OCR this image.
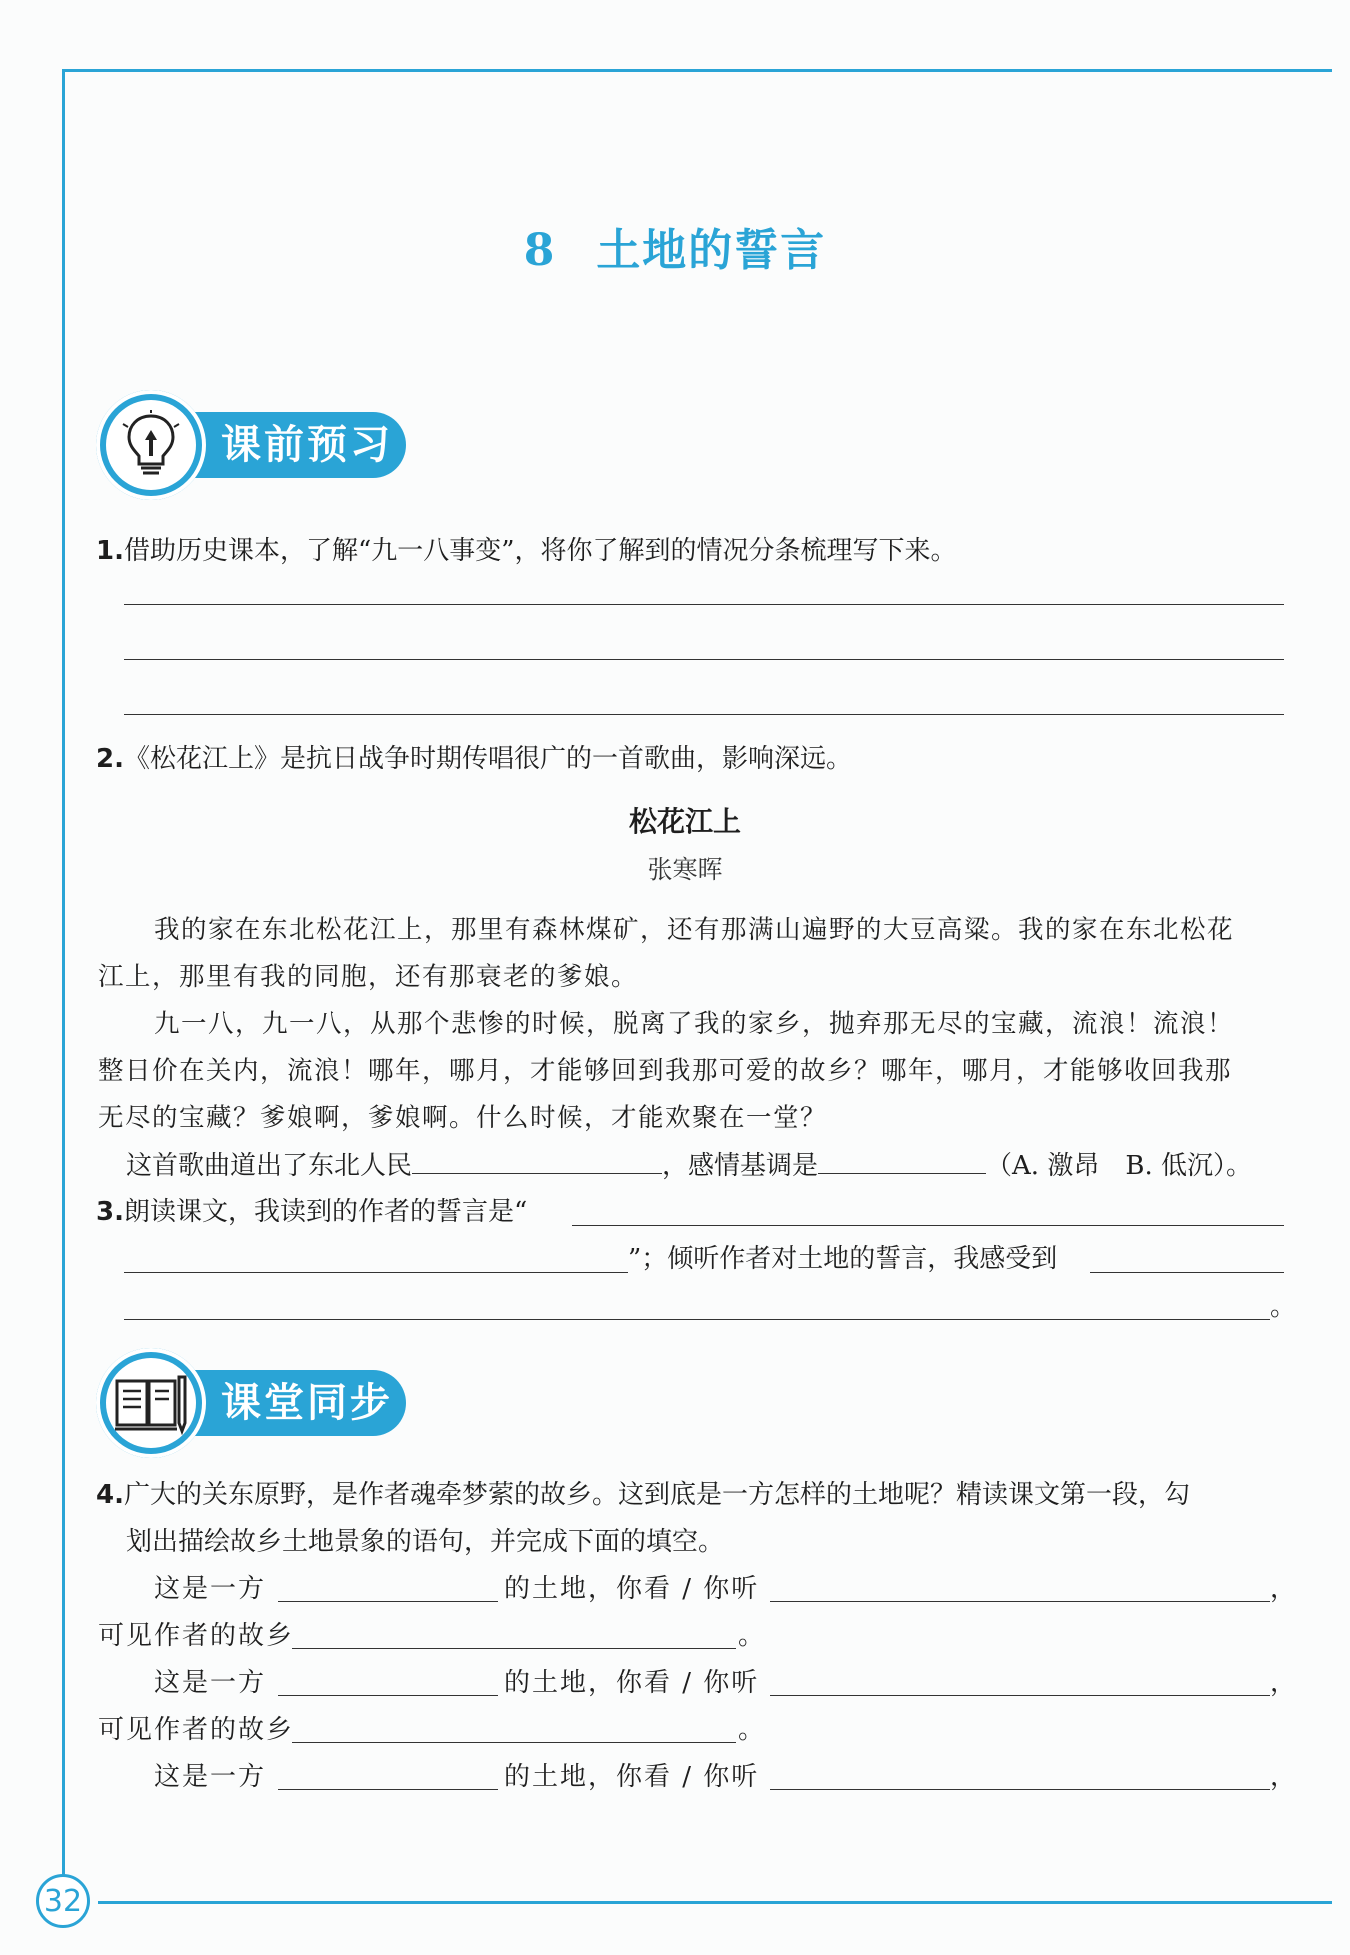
32
8 土地的誓言
课前预习
1.借助历史课本，了解“九一八事变”，将你了解到的情况分条梳理写下来。
2.《松花江上》是抗日战争时期传唱很广的一首歌曲，影响深远。
松花江上
张寒晖
我的家在东北松花江上，那里有森林煤矿，还有那满山遍野的大豆高粱。我的家在东北松花
江上，那里有我的同胞，还有那衰老的爹娘。
九一八，九一八，从那个悲惨的时候，脱离了我的家乡，抛弃那无尽的宝藏，流浪！流浪！
整日价在关内，流浪！哪年，哪月，才能够回到我那可爱的故乡？哪年，哪月，才能够收回我那
无尽的宝藏？爹娘啊，爹娘啊。什么时候，才能欢聚在一堂？
这首歌曲道出了东北人民	，感情基调是	（A. 激昂　B. 低沉）。
3.朗读课文，我读到的作者的誓言是“
”；倾听作者对土地的誓言，我感受到
。
课堂同步
4.广大的关东原野，是作者魂牵梦萦的故乡。这到底是一方怎样的土地呢？精读课文第一段，勾
划出描绘故乡土地景象的语句，并完成下面的填空。
这是一方	的土地，你看 / 你听	，
可见作者的故乡	。
这是一方	的土地，你看 / 你听	，
可见作者的故乡	。
这是一方	的土地，你看 / 你听	，
